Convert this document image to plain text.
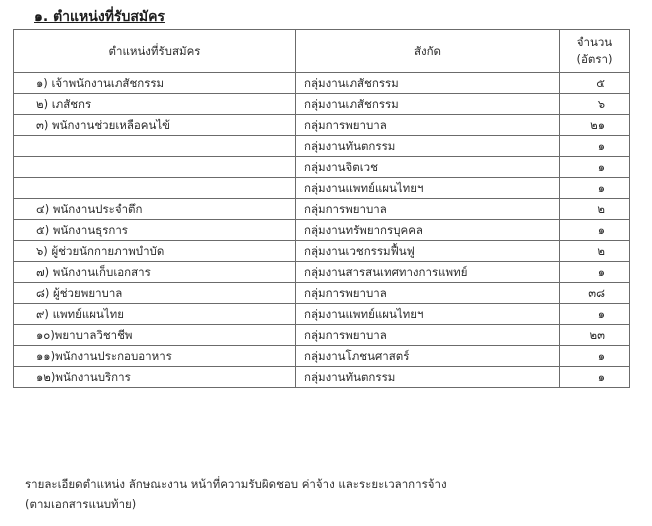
๑. ตำแหน่งที่รับสมัคร
ตำแหน่งที่รับสมัคร	สังกัด	จำนวน
(อัตรา)
๑) เจ้าพนักงานเภสัชกรรม	กลุ่มงานเภสัชกรรม	๕
๒) เภสัชกร	กลุ่มงานเภสัชกรรม	๖
๓) พนักงานช่วยเหลือคนไข้	กลุ่มการพยาบาล	๒๑
	กลุ่มงานทันตกรรม	๑
	กลุ่มงานจิตเวช	๑
	กลุ่มงานแพทย์แผนไทยฯ	๑
๔) พนักงานประจำตึก	กลุ่มการพยาบาล	๒
๕) พนักงานธุรการ	กลุ่มงานทรัพยากรบุคคล	๑
๖) ผู้ช่วยนักกายภาพบำบัด	กลุ่มงานเวชกรรมฟื้นฟู	๒
๗) พนักงานเก็บเอกสาร	กลุ่มงานสารสนเทศทางการแพทย์	๑
๘) ผู้ช่วยพยาบาล	กลุ่มการพยาบาล	๓๘
๙) แพทย์แผนไทย	กลุ่มงานแพทย์แผนไทยฯ	๑
๑๐)พยาบาลวิชาชีพ	กลุ่มการพยาบาล	๒๓
๑๑)พนักงานประกอบอาหาร	กลุ่มงานโภชนศาสตร์	๑
๑๒)พนักงานบริการ	กลุ่มงานทันตกรรม	๑
รายละเอียดตำแหน่ง ลักษณะงาน หน้าที่ความรับผิดชอบ ค่าจ้าง และระยะเวลาการจ้าง
(ตามเอกสารแนบท้าย)
